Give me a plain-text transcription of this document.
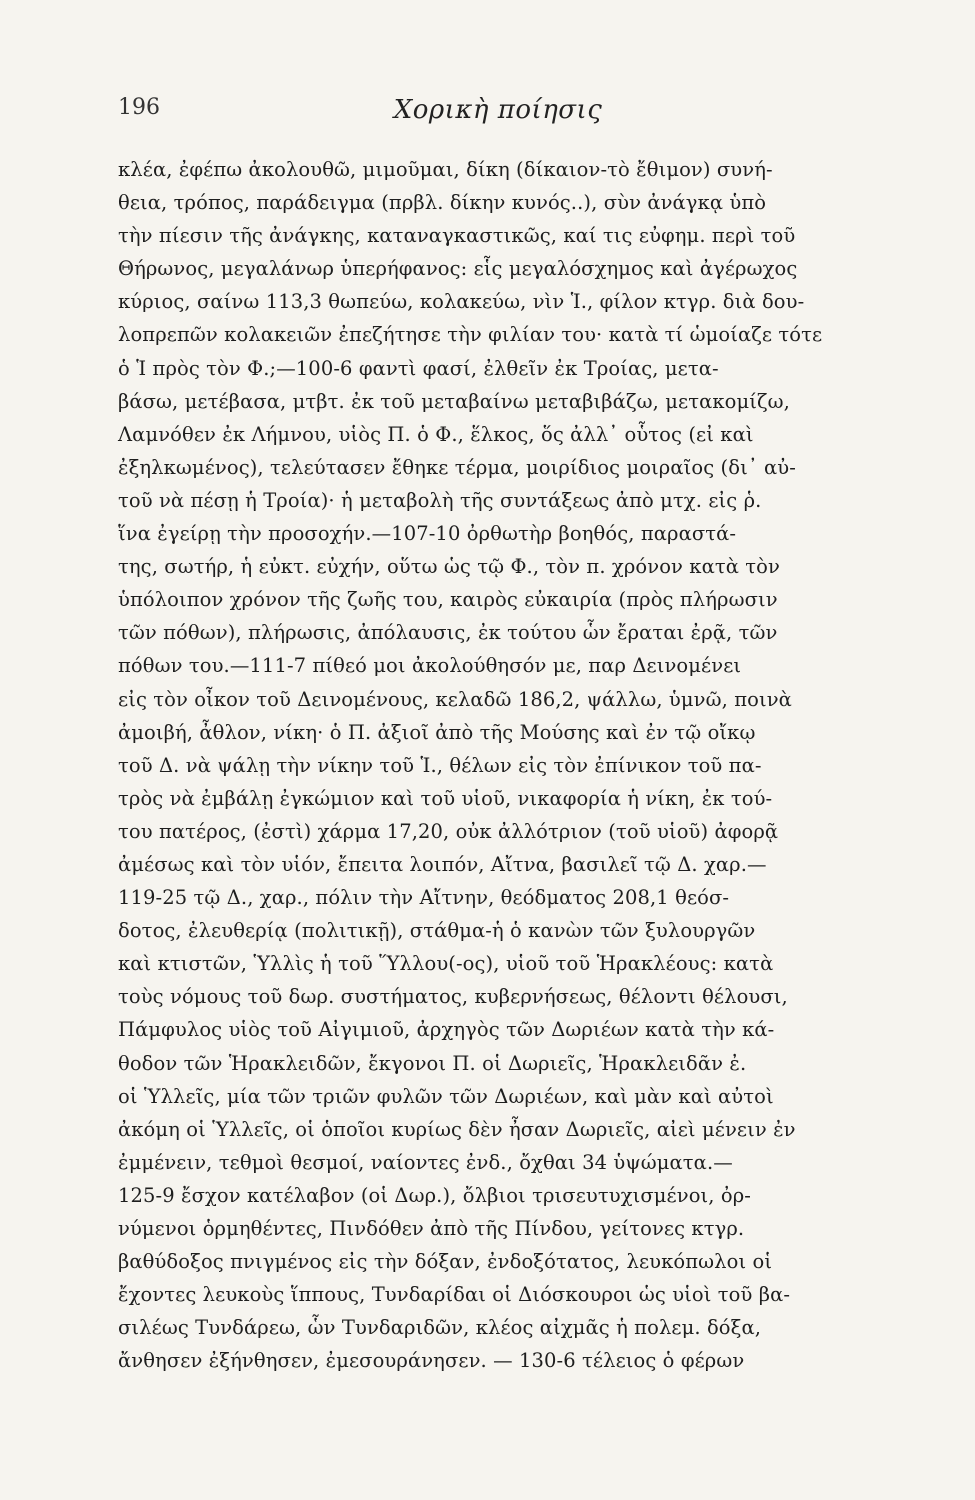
196	Χορικὴ ποίησις
κλέα, ἐφέπω ἀκολουθῶ, μιμοῦμαι, δίκη (δίκαιον-τὸ ἔθιμον) συνή-
θεια, τρόπος, παράδειγμα (πρβλ. δίκην κυνός..), σὺν ἀνάγκᾳ ὑπὸ
τὴν πίεσιν τῆς ἀνάγκης, καταναγκαστικῶς, καί τις εὐφημ. περὶ τοῦ
Θήρωνος, μεγαλάνωρ ὑπερήφανος: εἷς μεγαλόσχημος καὶ ἀγέρωχος
κύριος, σαίνω 113,3 θωπεύω, κολακεύω, νὶν Ἱ., φίλον κτγρ. διὰ δου-
λοπρεπῶν κολακειῶν ἐπεζήτησε τὴν φιλίαν του· κατὰ τί ὡμοίαζε τότε
ὁ Ἱ πρὸς τὸν Φ.;—100-6 φαντὶ φασί, ἐλθεῖν ἐκ Τροίας, μετα-
βάσω, μετέβασα, μτβτ. ἐκ τοῦ μεταβαίνω μεταβιβάζω, μετακομίζω,
Λαμνόθεν ἐκ Λήμνου, υἱὸς Π. ὁ Φ., ἕλκος, ὅς ἀλλ᾽ οὗτος (εἰ καὶ
ἐξηλκωμένος), τελεύτασεν ἔθηκε τέρμα, μοιρίδιος μοιραῖος (δι᾽ αὐ-
τοῦ νὰ πέσῃ ἡ Τροία)· ἡ μεταβολὴ τῆς συντάξεως ἀπὸ μτχ. εἰς ῥ.
ἵνα ἐγείρῃ τὴν προσοχήν.—107-10 ὀρθωτὴρ βοηθός, παραστά-
της, σωτήρ, ἡ εὐκτ. εὐχήν, οὕτω ὡς τῷ Φ., τὸν π. χρόνον κατὰ τὸν
ὑπόλοιπον χρόνον τῆς ζωῆς του, καιρὸς εὐκαιρία (πρὸς πλήρωσιν
τῶν πόθων), πλήρωσις, ἀπόλαυσις, ἐκ τούτου ὧν ἔραται ἐρᾷ, τῶν
πόθων του.—111-7 πίθεό μοι ἀκολούθησόν με, παρ Δεινομένει
εἰς τὸν οἶκον τοῦ Δεινομένους, κελαδῶ 186,2, ψάλλω, ὑμνῶ, ποινὰ
ἀμοιβή, ἆθλον, νίκη· ὁ Π. ἀξιοῖ ἀπὸ τῆς Μούσης καὶ ἐν τῷ οἴκῳ
τοῦ Δ. νὰ ψάλῃ τὴν νίκην τοῦ Ἱ., θέλων εἰς τὸν ἐπίνικον τοῦ πα-
τρὸς νὰ ἐμβάλῃ ἐγκώμιον καὶ τοῦ υἱοῦ, νικαφορία ἡ νίκη, ἐκ τού-
του πατέρος, (ἐστὶ) χάρμα 17,20, οὐκ ἀλλότριον (τοῦ υἱοῦ) ἀφορᾷ
ἀμέσως καὶ τὸν υἱόν, ἔπειτα λοιπόν, Αἴτνα, βασιλεῖ τῷ Δ. χαρ.—
119-25 τῷ Δ., χαρ., πόλιν τὴν Αἴτνην, θεόδματος 208,1 θεόσ-
δοτος, ἐλευθερίᾳ (πολιτικῇ), στάθμα-ἡ ὁ κανὼν τῶν ξυλουργῶν
καὶ κτιστῶν, Ὑλλὶς ἡ τοῦ Ὕλλου(-ος), υἱοῦ τοῦ Ἡρακλέους: κατὰ
τοὺς νόμους τοῦ δωρ. συστήματος, κυβερνήσεως, θέλοντι θέλουσι,
Πάμφυλος υἱὸς τοῦ Αἰγιμιοῦ, ἀρχηγὸς τῶν Δωριέων κατὰ τὴν κά-
θοδον τῶν Ἡρακλειδῶν, ἔκγονοι Π. οἱ Δωριεῖς, Ἡρακλειδᾶν ἐ.
οἱ Ὑλλεῖς, μία τῶν τριῶν φυλῶν τῶν Δωριέων, καὶ μὰν καὶ αὐτοὶ
ἀκόμη οἱ Ὑλλεῖς, οἱ ὁποῖοι κυρίως δὲν ἦσαν Δωριεῖς, αἰεὶ μένειν ἐν
ἐμμένειν, τεθμοὶ θεσμοί, ναίοντες ἐνδ., ὄχθαι 34 ὑψώματα.—
125-9 ἔσχον κατέλαβον (οἱ Δωρ.), ὄλβιοι τρισευτυχισμένοι, ὀρ-
νύμενοι ὁρμηθέντες, Πινδόθεν ἀπὸ τῆς Πίνδου, γείτονες κτγρ.
βαθύδοξος πνιγμένος εἰς τὴν δόξαν, ἐνδοξότατος, λευκόπωλοι οἱ
ἔχοντες λευκοὺς ἵππους, Τυνδαρίδαι οἱ Διόσκουροι ὡς υἱοὶ τοῦ βα-
σιλέως Τυνδάρεω, ὧν Τυνδαριδῶν, κλέος αἰχμᾶς ἡ πολεμ. δόξα,
ἄνθησεν ἐξήνθησεν, ἐμεσουράνησεν. — 130-6 τέλειος ὁ φέρων
